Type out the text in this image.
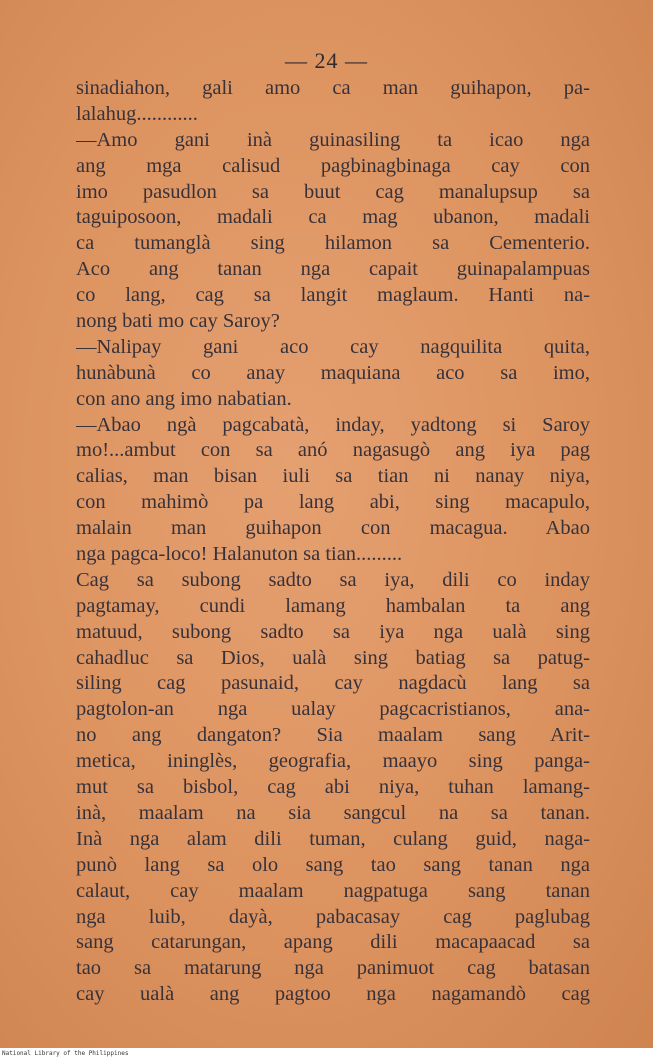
— 24 —
sinadiahon, gali amo ca man guihapon, pa-
lalahug............
—Amo gani inà guinasiling ta icao nga
ang mga calisud pagbinagbinaga cay con
imo pasudlon sa buut cag manalupsup sa
taguiposoon, madali ca mag ubanon, madali
ca tumanglà sing hilamon sa Cementerio.
Aco ang tanan nga capait guinapalampuas
co lang, cag sa langit maglaum. Hanti na-
nong bati mo cay Saroy?
—Nalipay gani aco cay nagquilita quita,
hunàbunà co anay maquiana aco sa imo,
con ano ang imo nabatian.
—Abao ngà pagcabatà, inday, yadtong si Saroy
mo!...ambut con sa anó nagasugò ang iya pag
calias, man bisan iuli sa tian ni nanay niya,
con mahimò pa lang abi, sing macapulo,
malain man guihapon con macagua. Abao
nga pagca-loco! Halanuton sa tian.........
Cag sa subong sadto sa iya, dili co inday
pagtamay, cundi lamang hambalan ta ang
matuud, subong sadto sa iya nga ualà sing
cahadluc sa Dios, ualà sing batiag sa patug-
siling cag pasunaid, cay nagdacù lang sa
pagtolon-an nga ualay pagcacristianos, ana-
no ang dangaton? Sia maalam sang Arit-
metica, ininglès, geografia, maayo sing panga-
mut sa bisbol, cag abi niya, tuhan lamang-
inà, maalam na sia sangcul na sa tanan.
Inà nga alam dili tuman, culang guid, naga-
punò lang sa olo sang tao sang tanan nga
calaut, cay maalam nagpatuga sang tanan
nga luib, dayà, pabacasay cag paglubag
sang catarungan, apang dili macapaacad sa
tao sa matarung nga panimuot cag batasan
cay ualà ang pagtoo nga nagamandò cag
National Library of the Philippines
